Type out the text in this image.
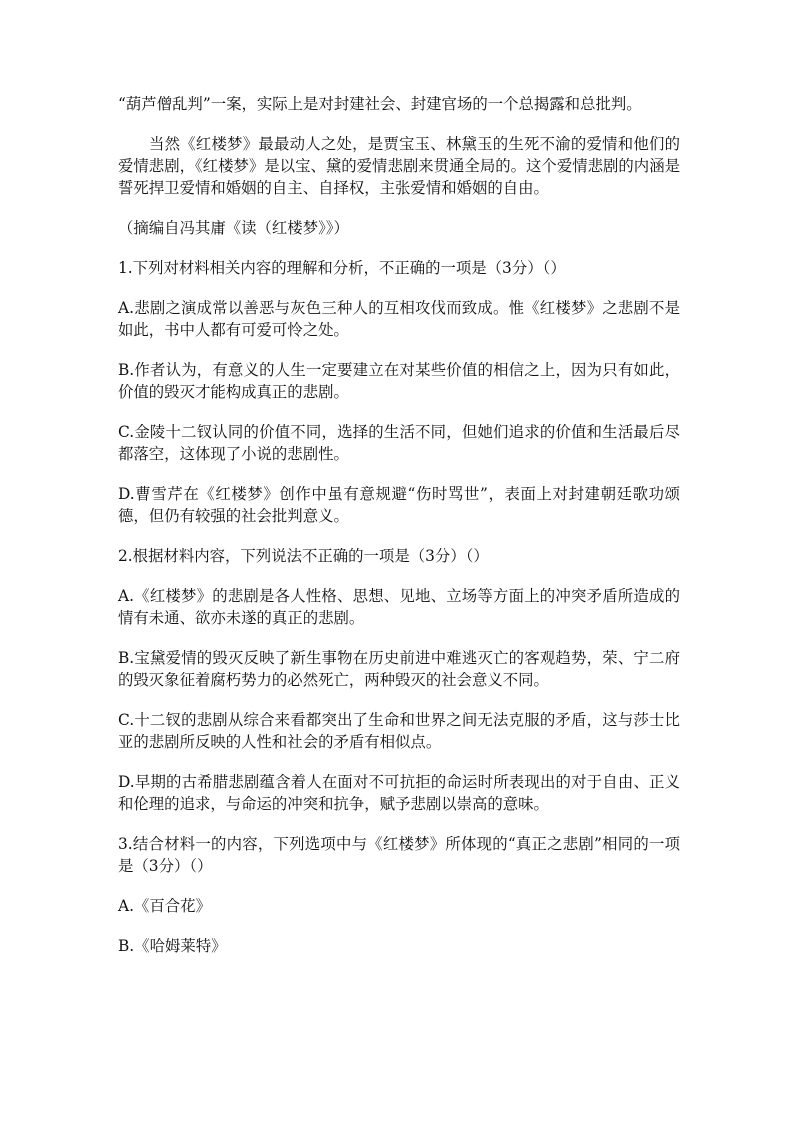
“葫芦僧乱判”一案，实际上是对封建社会、封建官场的一个总揭露和总批判。

当然《红楼梦》最最动人之处，是贾宝玉、林黛玉的生死不渝的爱情和他们的爱情悲剧，《红楼梦》是以宝、黛的爱情悲剧来贯通全局的。这个爱情悲剧的内涵是誓死捍卫爱情和婚姻的自主、自择权，主张爱情和婚姻的自由。

（摘编自冯其庸《读（红楼梦》》）

1.下列对材料相关内容的理解和分析，不正确的一项是（3分）（）

A.悲剧之演成常以善恶与灰色三种人的互相攻伐而致成。惟《红楼梦》之悲剧不是如此，书中人都有可爱可怜之处。

B.作者认为，有意义的人生一定要建立在对某些价值的相信之上，因为只有如此，价值的毁灭才能构成真正的悲剧。

C.金陵十二钗认同的价值不同，选择的生活不同，但她们追求的价值和生活最后尽都落空，这体现了小说的悲剧性。

D.曹雪芹在《红楼梦》创作中虽有意规避“伤时骂世”，表面上对封建朝廷歌功颂德，但仍有较强的社会批判意义。

2.根据材料内容，下列说法不正确的一项是（3分）（）

A.《红楼梦》的悲剧是各人性格、思想、见地、立场等方面上的冲突矛盾所造成的情有未通、欲亦未遂的真正的悲剧。

B.宝黛爱情的毁灭反映了新生事物在历史前进中难逃灭亡的客观趋势，荣、宁二府的毁灭象征着腐朽势力的必然死亡，两种毁灭的社会意义不同。

C.十二钗的悲剧从综合来看都突出了生命和世界之间无法克服的矛盾，这与莎士比亚的悲剧所反映的人性和社会的矛盾有相似点。

D.早期的古希腊悲剧蕴含着人在面对不可抗拒的命运时所表现出的对于自由、正义和伦理的追求，与命运的冲突和抗争，赋予悲剧以崇高的意味。

3.结合材料一的内容，下列选项中与《红楼梦》所体现的“真正之悲剧”相同的一项是（3分）（）

A.《百合花》

B.《哈姆莱特》
